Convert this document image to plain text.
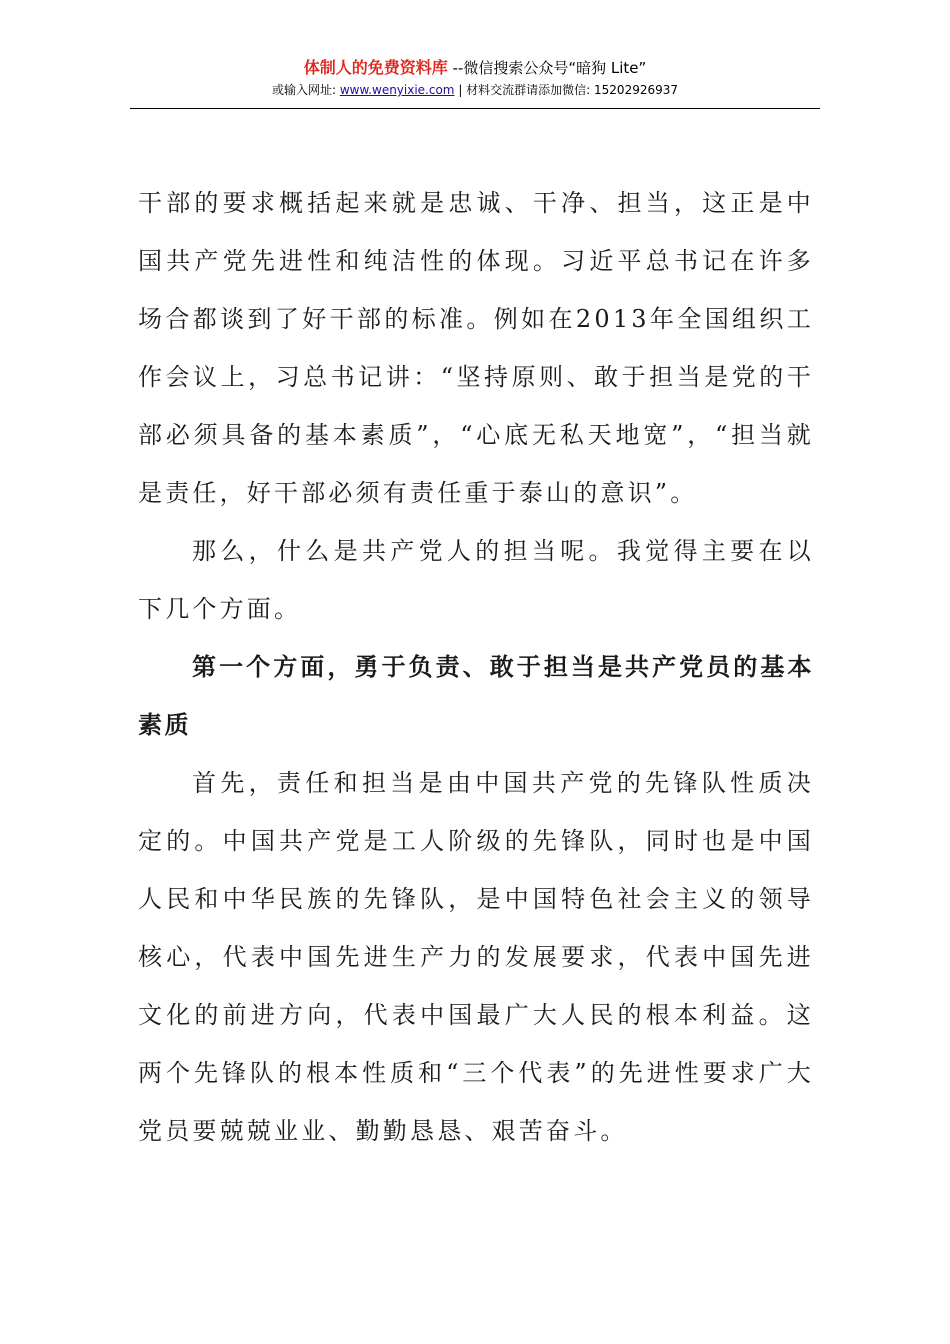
体制人的免费资料库 --微信搜索公众号“暗狗 Lite”
或输入网址: www.wenyixie.com | 材料交流群请添加微信: 15202926937

干部的要求概括起来就是忠诚、干净、担当，这正是中国共产党先进性和纯洁性的体现。习近平总书记在许多场合都谈到了好干部的标准。例如在2013年全国组织工作会议上，习总书记讲：“坚持原则、敢于担当是党的干部必须具备的基本素质”，“心底无私天地宽”，“担当就是责任，好干部必须有责任重于泰山的意识”。

那么，什么是共产党人的担当呢。我觉得主要在以下几个方面。

第一个方面，勇于负责、敢于担当是共产党员的基本素质

首先，责任和担当是由中国共产党的先锋队性质决定的。中国共产党是工人阶级的先锋队，同时也是中国人民和中华民族的先锋队，是中国特色社会主义的领导核心，代表中国先进生产力的发展要求，代表中国先进文化的前进方向，代表中国最广大人民的根本利益。这两个先锋队的根本性质和“三个代表”的先进性要求广大党员要兢兢业业、勤勤恳恳、艰苦奋斗。
